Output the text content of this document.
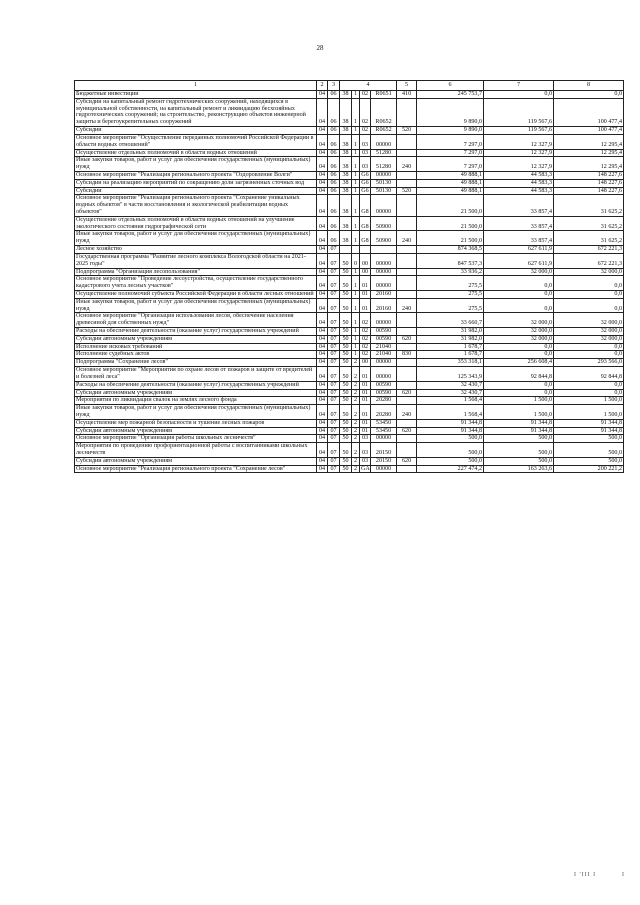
28
1	2	3	4				5	6	7	8
Бюджетные инвестиции	04	06	38	1	02	R0651	410	245 753,7	0,0	0,0
Субсидии на капитальный ремонт гидротехнических сооружений, находящихся в муниципальной собственности, на капитальный ремонт и ликвидацию бесхозяйных гидротехнических сооружений; на строительство, реконструкцию объектов инженерной защиты и берегоукрепительных сооружений	04	06	38	1	02	R0652		9 890,0	119 567,6	100 477,4
Субсидии	04	06	38	1	02	R0652	520	9 890,0	119 567,6	100 477,4
Основное мероприятие "Осуществление переданных полномочий Российской Федерации в области водных отношений"	04	06	38	1	03	00000		7 297,0	12 327,9	12 295,4
Осуществление отдельных полномочий в области водных отношений	04	06	38	1	03	51280		7 297,0	12 327,9	12 295,4
Иные закупки товаров, работ и услуг для обеспечения государственных (муниципальных) нужд	04	06	38	1	03	51280	240	7 297,0	12 327,9	12 295,4
Основное мероприятие "Реализация регионального проекта "Оздоровление Волги"	04	06	38	1	G6	00000		49 888,1	44 583,3	148 227,6
Субсидии на реализацию мероприятий по сокращению доли загрязненных сточных вод	04	06	38	1	G6	50130		49 888,1	44 583,3	148 227,6
Субсидии	04	06	38	1	G6	50130	520	49 888,1	44 583,3	148 227,6
Основное мероприятие "Реализация регионального проекта "Сохранение уникальных водных объектов" в части восстановления и экологической реабилитации водных объектов"	04	06	38	1	G8	00000		21 500,0	33 857,4	31 625,2
Осуществление отдельных полномочий в области водных отношений на улучшение экологического состояния гидрографической сети	04	06	38	1	G8	50900		21 500,0	33 857,4	31 625,2
Иные закупки товаров, работ и услуг для обеспечения государственных (муниципальных) нужд	04	06	38	1	G8	50900	240	21 500,0	33 857,4	31 625,2
Лесное хозяйство	04	07						874 368,5	627 611,9	672 221,3
Государственная программа "Развитие лесного комплекса Вологодской области на 2021-2025 годы"	04	07	50	0	00	00000		847 537,3	627 611,9	672 221,3
Подпрограмма "Организация лесопользования"	04	07	50	1	00	00000		33 936,2	32 000,0	32 000,0
Основное мероприятие "Проведение лесоустройства, осуществление государственного кадастрового учета лесных участков"	04	07	50	1	01	00000		275,5	0,0	0,0
Осуществление полномочий субъекта Российской Федерации в области лесных отношений	04	07	50	1	01	20160		275,5	0,0	0,0
Иные закупки товаров, работ и услуг для обеспечения государственных (муниципальных) нужд	04	07	50	1	01	20160	240	275,5	0,0	0,0
Основное мероприятие "Организация использования лесов, обеспечение населения древесиной для собственных нужд"	04	07	50	1	02	00000		33 660,7	32 000,0	32 000,0
Расходы на обеспечение деятельности (оказание услуг) государственных учреждений	04	07	50	1	02	00590		31 982,0	32 000,0	32 000,0
Субсидии автономным учреждениям	04	07	50	1	02	00590	620	31 982,0	32 000,0	32 000,0
Исполнение исковых требований	04	07	50	1	02	21040		1 678,7	0,0	0,0
Исполнение судебных актов	04	07	50	1	02	21040	830	1 678,7	0,0	0,0
Подпрограмма "Сохранение лесов"	04	07	50	2	00	00000		353 318,1	256 608,4	293 566,0
Основное мероприятие "Мероприятия по охране лесов от пожаров и защите от вредителей и болезней леса"	04	07	50	2	01	00000		125 343,9	92 844,8	92 844,8
Расходы на обеспечение деятельности (оказание услуг) государственных учреждений	04	07	50	2	01	00590		32 430,7	0,0	0,0
Субсидии автономным учреждениям	04	07	50	2	01	00590	620	32 430,7	0,0	0,0
Мероприятия по ликвидации свалок на землях лесного фонда	04	07	50	2	01	20280		1 568,4	1 500,0	1 500,0
Иные закупки товаров, работ и услуг для обеспечения государственных (муниципальных) нужд	04	07	50	2	01	20280	240	1 568,4	1 500,0	1 500,0
Осуществление мер пожарной безопасности и тушение лесных пожаров	04	07	50	2	01	53450		91 344,8	91 344,8	91 344,8
Субсидии автономным учреждениям	04	07	50	2	01	53450	620	91 344,8	91 344,8	91 344,8
Основное мероприятие "Организация работы школьных лесничеств"	04	07	50	2	03	00000		500,0	500,0	500,0
Мероприятия по проведению профориентационной работы с воспитанниками школьных лесничеств	04	07	50	2	03	20150		500,0	500,0	500,0
Субсидии автономным учреждениям	04	07	50	2	03	20150	620	500,0	500,0	500,0
Основное мероприятие "Реализация регионального проекта "Сохранение лесов"	04	07	50	2	GA	00000		227 474,2	163 263,6	200 221,2
I 'III I	I
